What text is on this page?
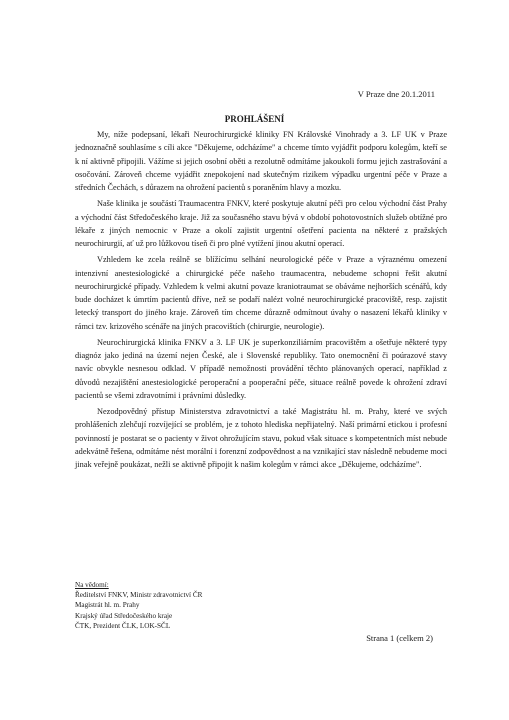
V Praze dne 20.1.2011
PROHLÁŠENÍ

My, níže podepsaní, lékaři Neurochirurgické kliniky FN Královské Vinohrady a 3. LF UK v Praze jednoznačně souhlasíme s cíli akce "Děkujeme, odcházíme" a chceme tímto vyjádřit podporu kolegům, kteří se k ní aktivně připojili. Vážíme si jejich osobní oběti a rezolutně odmítáme jakoukoli formu jejich zastrašování a osočování. Zároveň chceme vyjádřit znepokojení nad skutečným rizikem výpadku urgentní péče v Praze a středních Čechách, s důrazem na ohrožení pacientů s poraněním hlavy a mozku.

Naše klinika je součástí Traumacentra FNKV, které poskytuje akutní péči pro celou východní část Prahy a východní část Středočeského kraje. Již za současného stavu bývá v období pohotovostních služeb obtížné pro lékaře z jiných nemocnic v Praze a okolí zajistit urgentní ošetření pacienta na některé z pražských neurochirurgií, ať už pro lůžkovou tíseň či pro plné vytížení jinou akutní operací.

Vzhledem ke zcela reálně se blížícímu selhání neurologické péče v Praze a výraznému omezení intenzivní anestesiologické a chirurgické péče našeho traumacentra, nebudeme schopni řešit akutní neurochirurgické případy. Vzhledem k velmi akutní povaze kraniotraumat se obáváme nejhorších scénářů, kdy bude docházet k úmrtím pacientů dříve, než se podaří nalézt volné neurochirurgické pracoviště, resp. zajistit letecký transport do jiného kraje. Zároveň tím chceme důrazně odmítnout úvahy o nasazení lékařů kliniky v rámci tzv. krizového scénáře na jiných pracovištích (chirurgie, neurologie).

Neurochirurgická klinika FNKV a 3. LF UK je superkonziliárním pracovištěm a ošetřuje některé typy diagnóz jako jediná na území nejen České, ale i Slovenské republiky. Tato onemocnění či poúrazové stavy navíc obvykle nesnesou odklad. V případě nemožnosti provádění těchto plánovaných operací, například z důvodů nezajištění anestesiologické peroperační a pooperační péče, situace reálně povede k ohrožení zdraví pacientů se všemi zdravotními i právními důsledky.

Nezodpovědný přístup Ministerstva zdravotnictví a také Magistrátu hl. m. Prahy, které ve svých prohlášeních zlehčují rozvíjející se problém, je z tohoto hlediska nepřijatelný. Naší primární etickou i profesní povinností je postarat se o pacienty v život ohrožujícím stavu, pokud však situace s kompetentních míst nebude adekvátně řešena, odmítáme nést morální i forenzní zodpovědnost a na vznikající stav následně nebudeme moci jinak veřejně poukázat, nežli se aktivně připojit k našim kolegům v rámci akce „Děkujeme, odcházíme".

Na vědomí:
Ředitelství FNKV, Ministr zdravotnictví ČR
Magistrát hl. m. Prahy
Krajský úřad Středočeského kraje
ČTK, Prezident ČLK, LOK-SČL
Strana 1 (celkem 2)
